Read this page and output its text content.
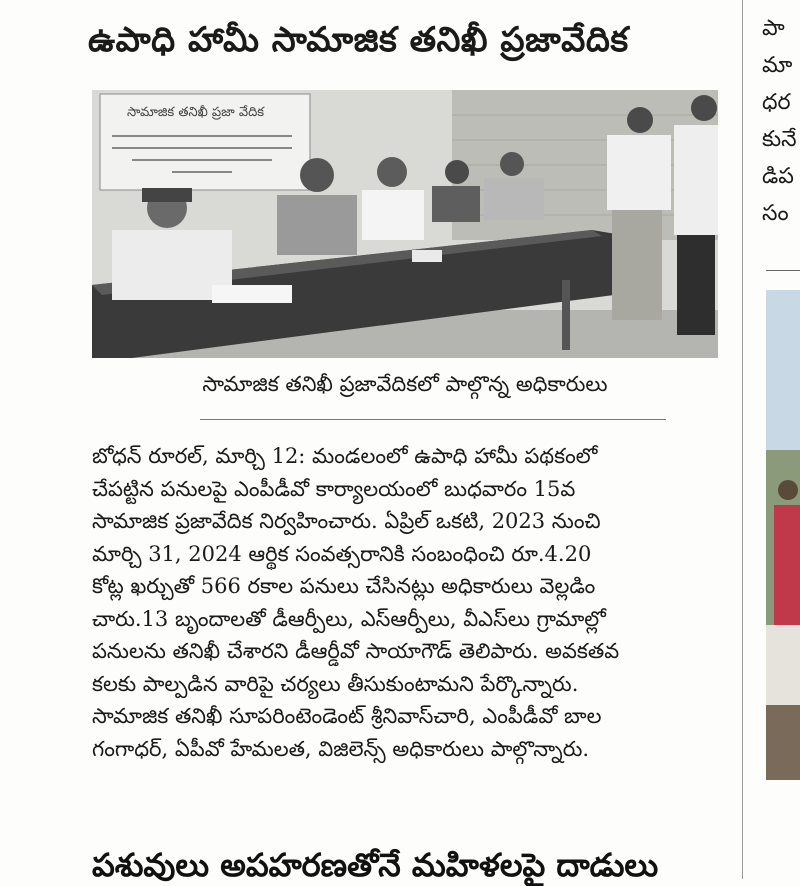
ఉపాధి హామీ సామాజిక తనిఖీ ప్రజావేదిక
సామాజిక తనిఖీ ప్రజా వేదిక
సామాజిక తనిఖీ ప్రజావేదికలో పాల్గొన్న అధికారులు
బోధన్ రూరల్, మార్చి 12: మండలంలో ఉపాధి హామీ పథకంలో
చేపట్టిన పనులపై ఎంపీడీవో కార్యాలయంలో బుధవారం 15వ
సామాజిక ప్రజావేదిక నిర్వహించారు. ఏప్రిల్ ఒకటి, 2023 నుంచి
మార్చి 31, 2024 ఆర్థిక సంవత్సరానికి సంబంధించి రూ.4.20
కోట్ల ఖర్చుతో 566 రకాల పనులు చేసినట్లు అధికారులు వెల్లడిం
చారు.13 బృందాలతో డీఆర్పీలు, ఎస్ఆర్పీలు, వీఎస్‌లు గ్రామాల్లో
పనులను తనిఖీ చేశారని డీఆర్డీవో సాయాగౌడ్ తెలిపారు. అవకతవ
కలకు పాల్పడిన వారిపై చర్యలు తీసుకుంటామని పేర్కొన్నారు.
సామాజిక తనిఖీ సూపరింటెండెంట్ శ్రీనివాస్‌చారి, ఎంపీడీవో బాల
గంగాధర్, ఏపీవో హేమలత, విజిలెన్స్ అధికారులు పాల్గొన్నారు.
పశువులు అపహరణతోనే మహిళలపై దాడులు
పా
మా
ధర
కునే
డిప
సం
